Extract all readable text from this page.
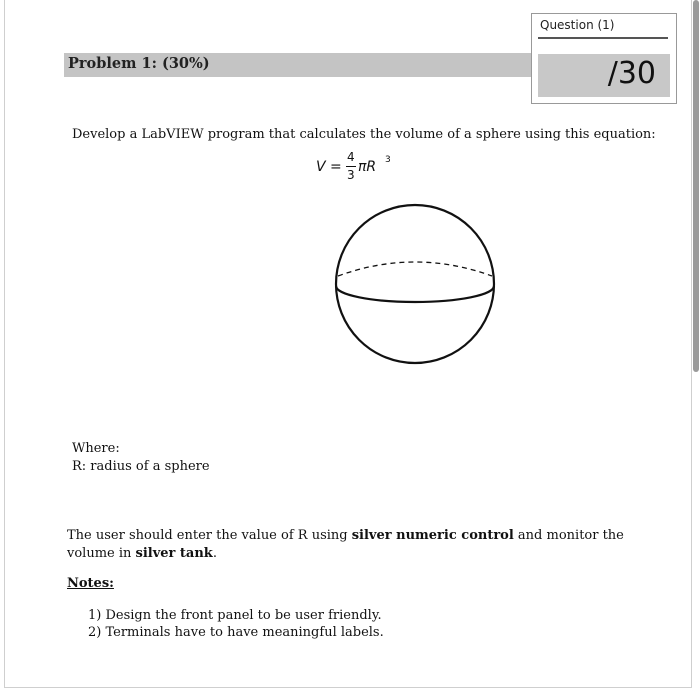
Problem 1: (30%)
Question (1)
/30
Develop a LabVIEW program that calculates the volume of a sphere using this equation:
V =
4
3 πR 3
Where:
R: radius of a sphere
The user should enter the value of R using silver numeric control and monitor the volume in silver tank.
Notes:
1) Design the front panel to be user friendly.
2) Terminals have to have meaningful labels.
